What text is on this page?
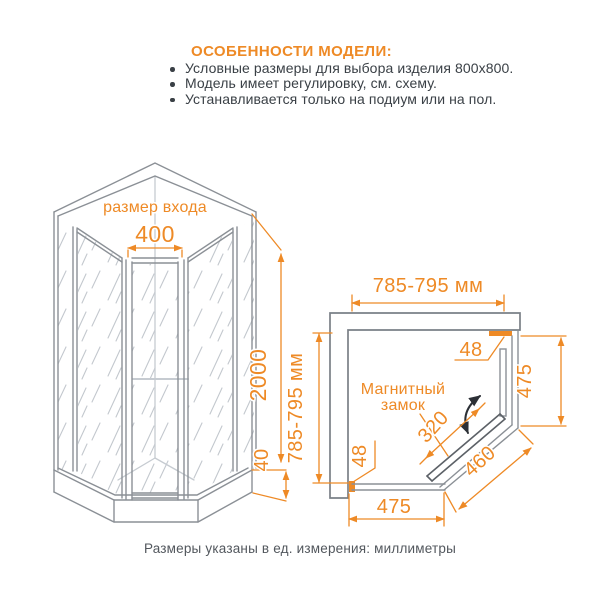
ОСОБЕННОСТИ МОДЕЛИ:
Условные размеры для выбора изделия 800x800.
Модель имеет регулировку, см. схему.
Устанавливается только на подиум или на пол.
размер входа
400
2000
40
785-795 мм
785-795 мм
48
475
Магнитный
замок
320
460
475
48
Размеры указаны в ед. измерения: миллиметры
